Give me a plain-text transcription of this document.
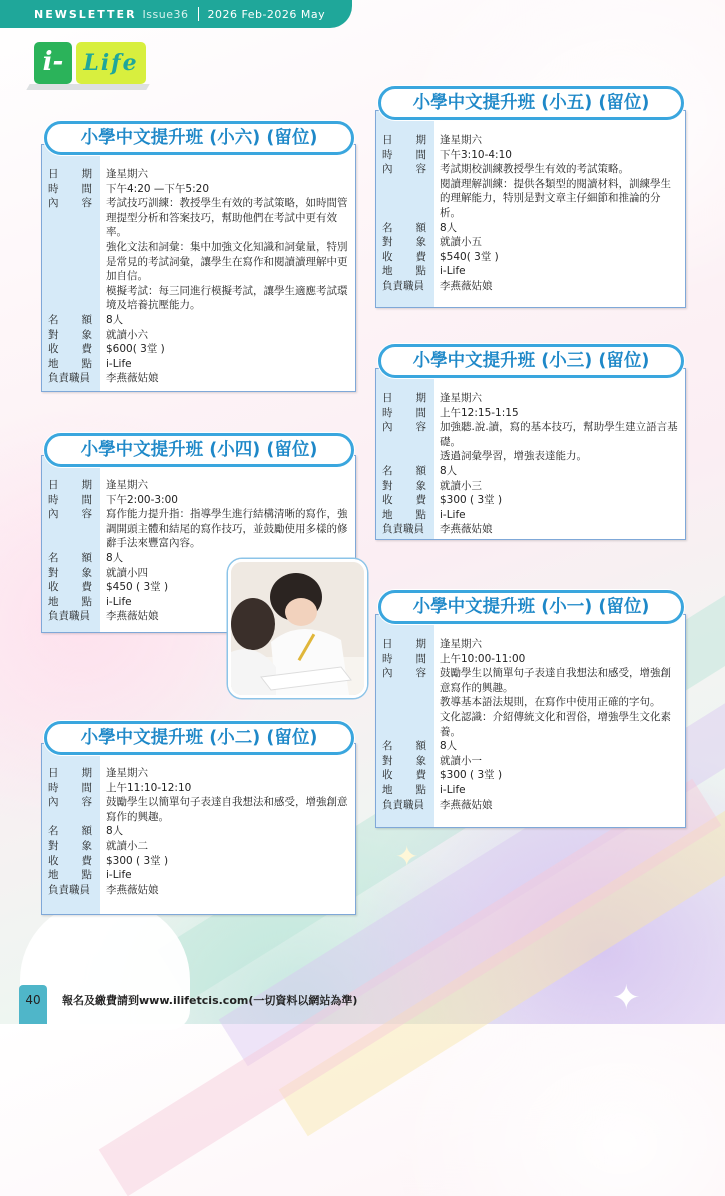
✦
✦
NEWSLETTER Issue36 2026 Feb-2026 May
i- Life
日 期	逢星期六
時 間	下午4:20 —下午5:20
內 容 考試技巧訓練：教授學生有效的考試策略，如時間管理提型分析和答案技巧，幫助他們在考試中更有效率。
強化文法和詞彙：集中加強文化知識和詞彙量，特別是常見的考試詞彙，讓學生在寫作和閱讀讀理解中更加自信。
模擬考試：每三同進行模擬考試，讓學生適應考試環境及培養抗壓能力。
名 額	8人
對 象	就讀小六
收 費	$600( 3堂 )
地 點	i-Life
負責職員	李燕薇姑娘
小學中文提升班 (小六) (留位)	日 期	逢星期六
時 間	下午3:10-4:10
內 容 考試期校訓練教授學生有效的考試策略。
閱讀理解訓練：提供各類型的閱讀材料，訓練學生的理解能力，特別是對文章主仔細節和推論的分析。
名 額	8人
對 象	就讀小五
收 費	$540( 3堂 )
地 點	i-Life
負責職員	李燕薇姑娘
小學中文提升班 (小五) (留位)
日 期	逢星期六
時 間	上午12:15-1:15
內 容 加強聽.說.讀，寫的基本技巧，幫助學生建立語言基礎。
透過詞彙學習，增強表達能力。
名 額	8人
對 象	就讀小三
收 費	$300 ( 3堂 )
地 點	i-Life
負責職員	李燕薇姑娘
小學中文提升班 (小三) (留位)
日 期	逢星期六
時 間	下午2:00-3:00
內 容 寫作能力提升指：指導學生進行結構清晰的寫作，強調開頭主體和結尾的寫作技巧，並鼓勵使用多樣的修辭手法來豐富內容。
名 額	8人
對 象	就讀小四
收 費	$450 ( 3堂 )
地 點	i-Life
負責職員	李燕薇姑娘
小學中文提升班 (小四) (留位)
日 期	逢星期六
時 間	上午10:00-11:00
內 容 鼓勵學生以簡單句子表達自我想法和感受，增強創意寫作的興趣。
教導基本語法規則，在寫作中使用正確的字句。
文化認識：介紹傳統文化和習俗，增強學生文化素養。
名 額	8人
對 象	就讀小一
收 費	$300 ( 3堂 )
地 點	i-Life
負責職員	李燕薇姑娘
小學中文提升班 (小一) (留位)
日 期	逢星期六
時 間	上午11:10-12:10
內 容 鼓勵學生以簡單句子表達自我想法和感受，增強創意寫作的興趣。
名 額	8人
對 象	就讀小二
收 費	$300 ( 3堂 )
地 點	i-Life
負責職員	李燕薇姑娘
小學中文提升班 (小二) (留位)
40	報名及繳費請到www.ilifetcis.com(一切資料以網站為準)
